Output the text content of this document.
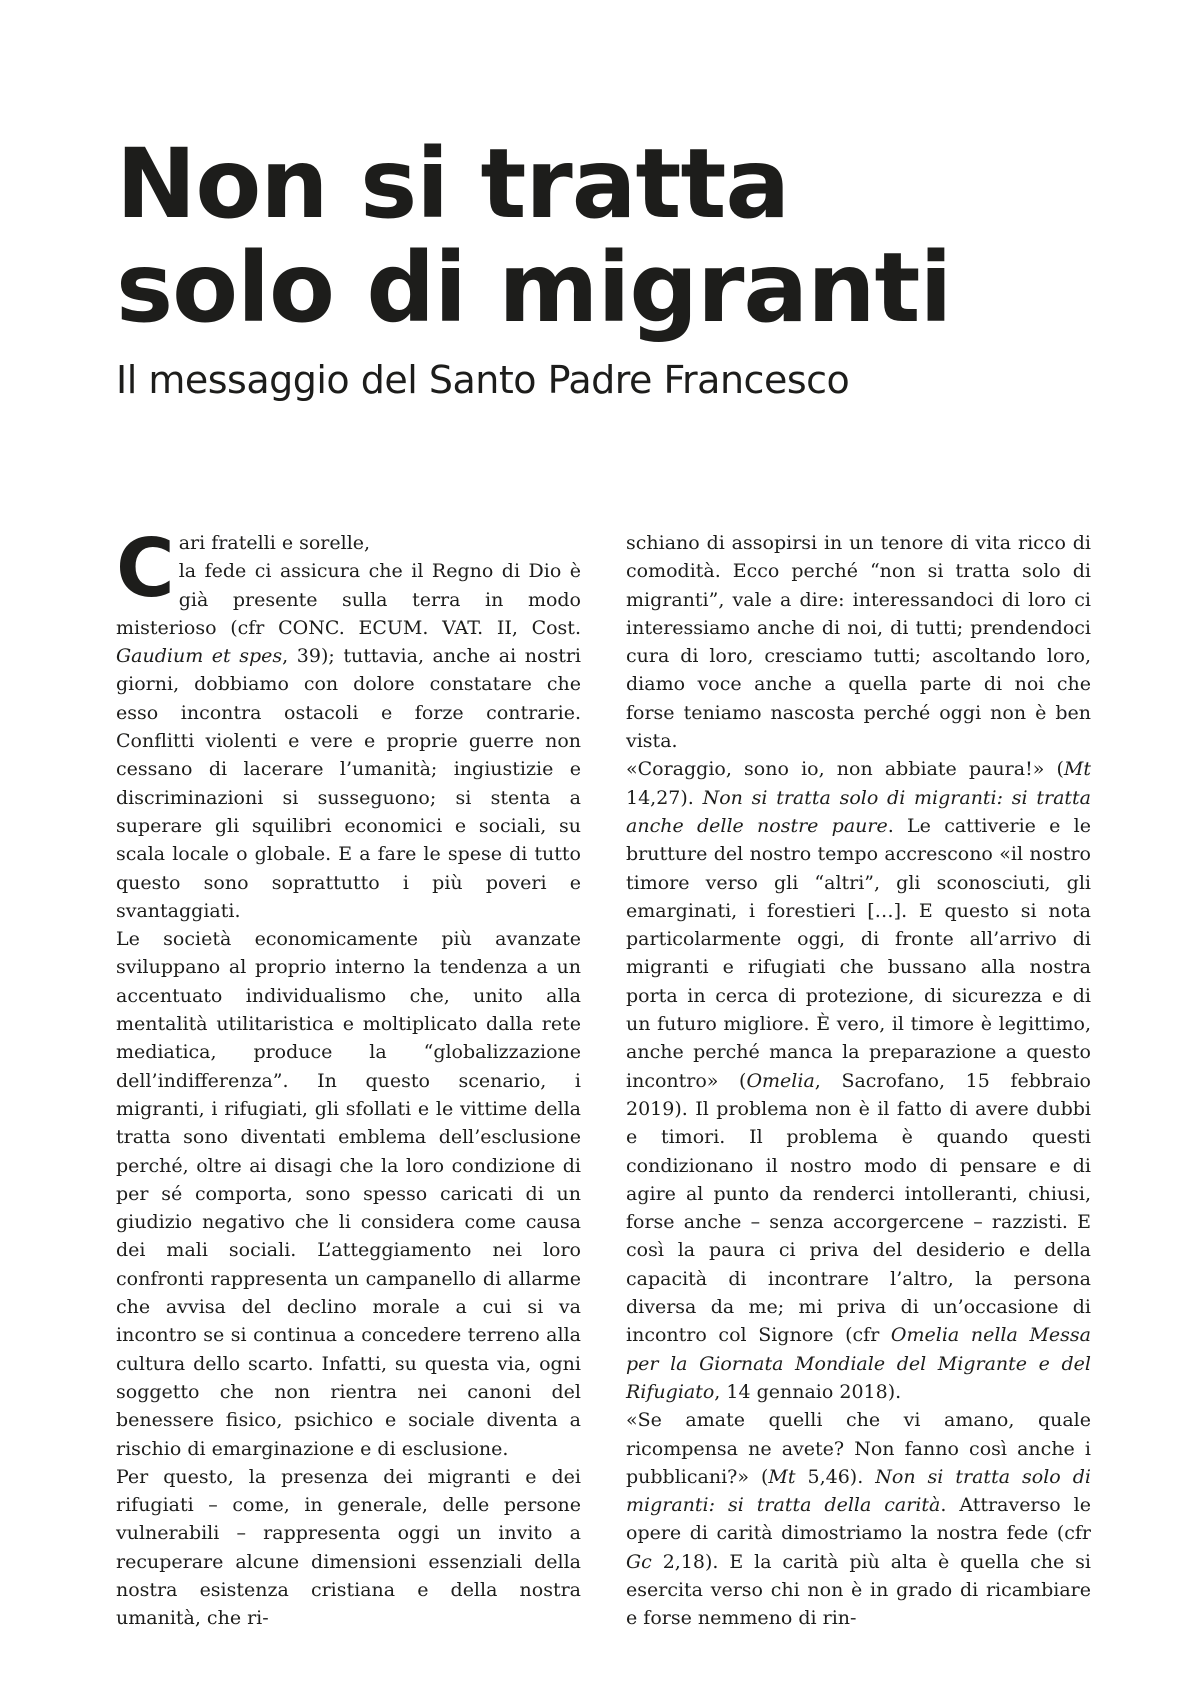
Non si tratta
solo di migranti
Il messaggio del Santo Padre Francesco

C ari fratelli e sorelle,
la fede ci assicura che il Regno di Dio è già presente sulla terra in modo misterioso (cfr CONC. ECUM. VAT. II, Cost. Gaudium et spes, 39); tuttavia, anche ai nostri giorni, dobbiamo con dolore constatare che esso incontra ostacoli e forze contrarie. Conflitti violenti e vere e proprie guerre non cessano di lacerare l’umanità; ingiustizie e discriminazioni si susseguono; si stenta a superare gli squilibri economici e sociali, su scala locale o globale. E a fare le spese di tutto questo sono soprattutto i più poveri e svantaggiati.

Le società economicamente più avanzate sviluppano al proprio interno la tendenza a un accentuato individualismo che, unito alla mentalità utilitaristica e moltiplicato dalla rete mediatica, produce la “globalizzazione dell’indifferenza”. In questo scenario, i migranti, i rifugiati, gli sfollati e le vittime della tratta sono diventati emblema dell’esclusione perché, oltre ai disagi che la loro condizione di per sé comporta, sono spesso caricati di un giudizio negativo che li considera come causa dei mali sociali. L’atteggiamento nei loro confronti rappresenta un campanello di allarme che avvisa del declino morale a cui si va incontro se si continua a concedere terreno alla cultura dello scarto. Infatti, su questa via, ogni soggetto che non rientra nei canoni del benessere fisico, psichico e sociale diventa a rischio di emarginazione e di esclusione.

Per questo, la presenza dei migranti e dei rifugiati – come, in generale, delle persone vulnerabili – rappresenta oggi un invito a recuperare alcune dimensioni essenziali della nostra esistenza cristiana e della nostra umanità, che ri-

schiano di assopirsi in un tenore di vita ricco di comodità. Ecco perché “non si tratta solo di migranti”, vale a dire: interessandoci di loro ci interessiamo anche di noi, di tutti; prendendoci cura di loro, cresciamo tutti; ascoltando loro, diamo voce anche a quella parte di noi che forse teniamo nascosta perché oggi non è ben vista.

«Coraggio, sono io, non abbiate paura!» (Mt 14,27). Non si tratta solo di migranti: si tratta anche delle nostre paure. Le cattiverie e le brutture del nostro tempo accrescono «il nostro timore verso gli “altri”, gli sconosciuti, gli emarginati, i forestieri […]. E questo si nota particolarmente oggi, di fronte all’arrivo di migranti e rifugiati che bussano alla nostra porta in cerca di protezione, di sicurezza e di un futuro migliore. È vero, il timore è legittimo, anche perché manca la preparazione a questo incontro» (Omelia, Sacrofano, 15 febbraio 2019). Il problema non è il fatto di avere dubbi e timori. Il problema è quando questi condizionano il nostro modo di pensare e di agire al punto da renderci intolleranti, chiusi, forse anche – senza accorgercene – razzisti. E così la paura ci priva del desiderio e della capacità di incontrare l’altro, la persona diversa da me; mi priva di un’occasione di incontro col Signore (cfr Omelia nella Messa per la Giornata Mondiale del Migrante e del Rifugiato, 14 gennaio 2018).

«Se amate quelli che vi amano, quale ricompensa ne avete? Non fanno così anche i pubblicani?» (Mt 5,46). Non si tratta solo di migranti: si tratta della carità. Attraverso le opere di carità dimostriamo la nostra fede (cfr Gc 2,18). E la carità più alta è quella che si esercita verso chi non è in grado di ricambiare e forse nemmeno di rin-
